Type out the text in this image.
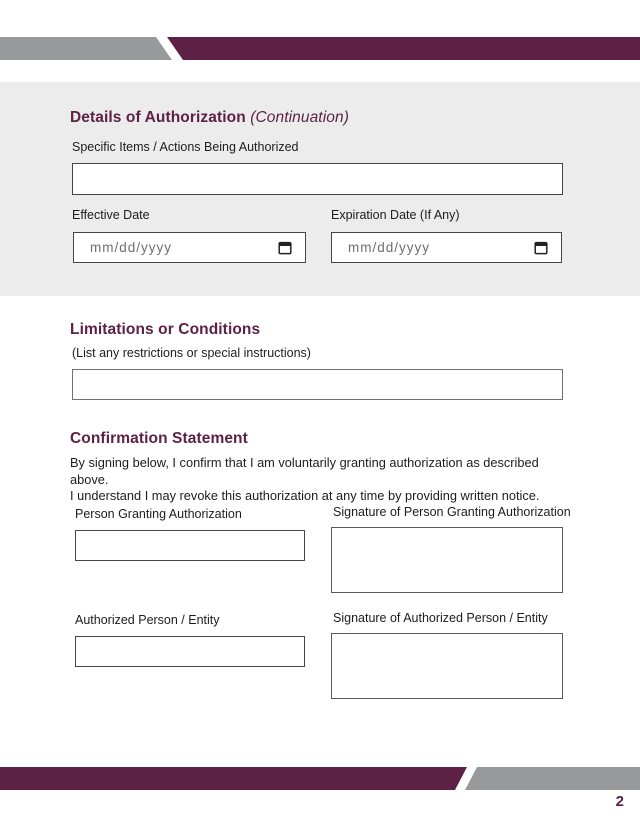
Details of Authorization (Continuation)
Specific Items / Actions Being Authorized
Effective Date	Expiration Date (If Any)
mm/dd/yyyy	mm/dd/yyyy
Limitations or Conditions
(List any restrictions or special instructions)
Confirmation Statement
By signing below, I confirm that I am voluntarily granting authorization as described above.
I understand I may revoke this authorization at any time by providing written notice.
Person Granting Authorization	Signature of Person Granting Authorization
Authorized Person / Entity	Signature of Authorized Person / Entity
2
